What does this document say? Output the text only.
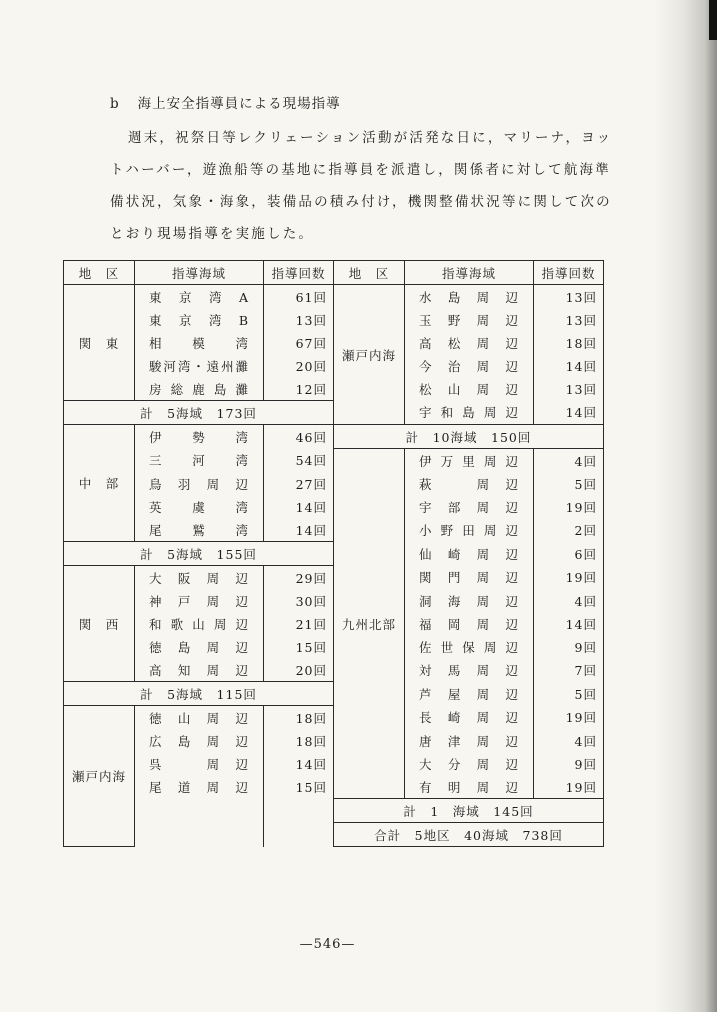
b 海上安全指導員による現場指導
週末，祝祭日等レクリェーション活動が活発な日に，マリーナ，ヨッ
トハーバー，遊漁船等の基地に指導員を派遣し，関係者に対して航海準
備状況，気象・海象，装備品の積み付け，機関整備状況等に関して次の
とおり現場指導を実施した。
地　区	指導海域	指導回数	地　区	指導海域	指導回数
関　東	東京湾A	61回	瀬戸内海	水島周辺	13回
	東京湾B	13回		玉野周辺	13回
	相模湾	67回		高松周辺	18回
	駿河湾・遠州灘	20回		今治周辺	14回
	房総鹿島灘	12回		松山周辺	13回
計　5海域　173回				宇和島周辺	14回
中　部	伊勢湾	46回	計　10海域　150回		
	三河湾	54回	九州北部	伊万里周辺	4回
	鳥羽周辺	27回		萩　周辺	5回
	英虞湾	14回		宇部周辺	19回
	尾鷲湾	14回		小野田周辺	2回
計　5海域　155回				仙崎周辺	6回
関　西	大阪周辺	29回		関門周辺	19回
	神戸周辺	30回		洞海周辺	4回
	和歌山周辺	21回		福岡周辺	14回
	徳島周辺	15回		佐世保周辺	9回
	高知周辺	20回		対馬周辺	7回
計　5海域　115回				芦屋周辺	5回
瀬戸内海	徳山周辺	18回		長崎周辺	19回
	広島周辺	18回		唐津周辺	4回
	呉　周辺	14回		大分周辺	9回
	尾道周辺	15回		有明周辺	19回
			計　1　海域　145回		
			合計　5地区　40海域　738回		
—546—
